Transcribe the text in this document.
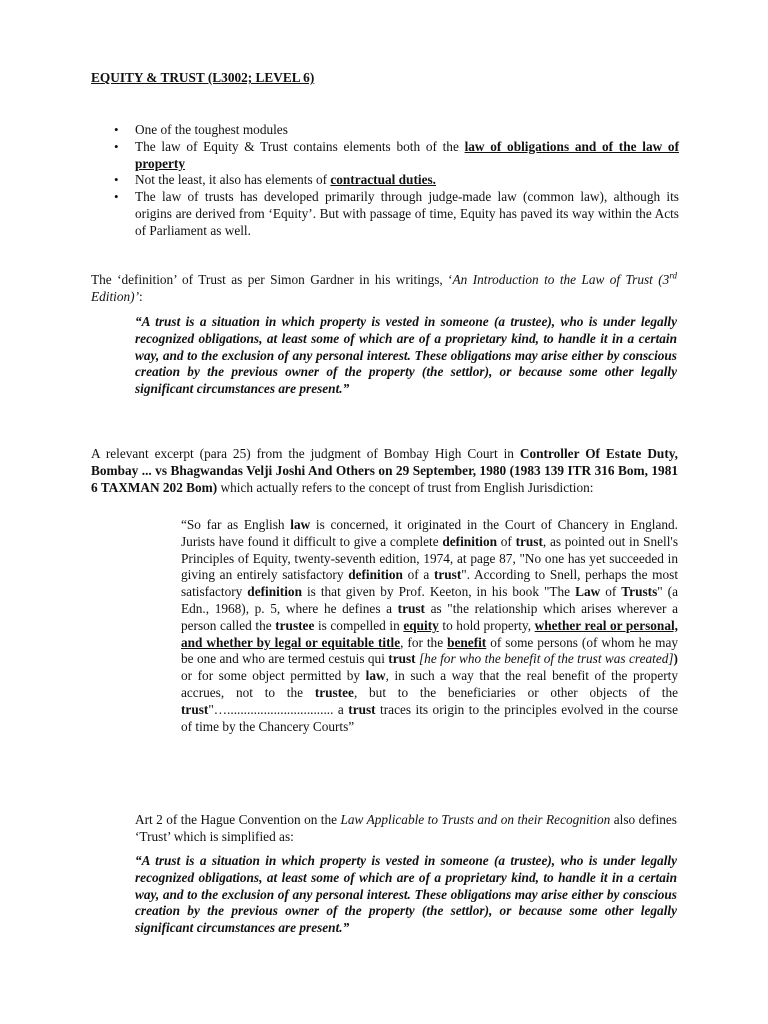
EQUITY & TRUST (L3002; LEVEL 6)
• One of the toughest modules
• The law of Equity & Trust contains elements both of the law of obligations and of the law of property
• Not the least, it also has elements of contractual duties.
• The law of trusts has developed primarily through judge-made law (common law), although its origins are derived from ‘Equity’. But with passage of time, Equity has paved its way within the Acts of Parliament as well.
The ‘definition’ of Trust as per Simon Gardner in his writings, ‘An Introduction to the Law of Trust (3rd Edition)’:
“A trust is a situation in which property is vested in someone (a trustee), who is under legally recognized obligations, at least some of which are of a proprietary kind, to handle it in a certain way, and to the exclusion of any personal interest. These obligations may arise either by conscious creation by the previous owner of the property (the settlor), or because some other legally significant circumstances are present.”
A relevant excerpt (para 25) from the judgment of Bombay High Court in Controller Of Estate Duty, Bombay ... vs Bhagwandas Velji Joshi And Others on 29 September, 1980 (1983 139 ITR 316 Bom, 1981 6 TAXMAN 202 Bom) which actually refers to the concept of trust from English Jurisdiction:
“So far as English law is concerned, it originated in the Court of Chancery in England. Jurists have found it difficult to give a complete definition of trust, as pointed out in Snell's Principles of Equity, twenty-seventh edition, 1974, at page 87, "No one has yet succeeded in giving an entirely satisfactory definition of a trust". According to Snell, perhaps the most satisfactory definition is that given by Prof. Keeton, in his book "The Law of Trusts" (a Edn., 1968), p. 5, where he defines a trust as "the relationship which arises wherever a person called the trustee is compelled in equity to hold property, whether real or personal, and whether by legal or equitable title, for the benefit of some persons (of whom he may be one and who are termed cestuis qui trust [he for who the benefit of the trust was created]) or for some object permitted by law, in such a way that the real benefit of the property accrues, not to the trustee, but to the beneficiaries or other objects of the trust"…................................ a trust traces its origin to the principles evolved in the course of time by the Chancery Courts”
Art 2 of the Hague Convention on the Law Applicable to Trusts and on their Recognition also defines ‘Trust’ which is simplified as:
“A trust is a situation in which property is vested in someone (a trustee), who is under legally recognized obligations, at least some of which are of a proprietary kind, to handle it in a certain way, and to the exclusion of any personal interest. These obligations may arise either by conscious creation by the previous owner of the property (the settlor), or because some other legally significant circumstances are present.”
